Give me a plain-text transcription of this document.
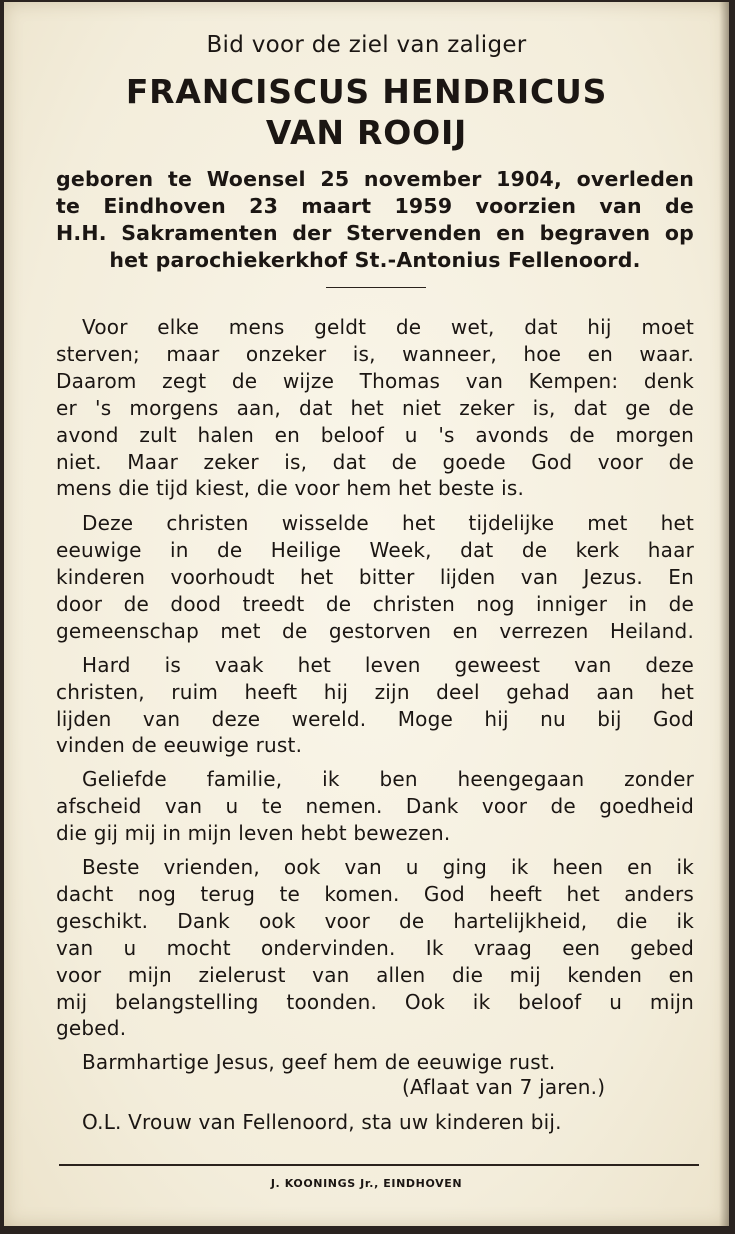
Bid voor de ziel van zaliger

FRANCISCUS HENDRICUS

VAN ROOIJ

geboren te Woensel 25 november 1904, overleden

te Eindhoven 23 maart 1959 voorzien van de

H.H. Sakramenten der Stervenden en begraven op

het parochiekerkhof St.-Antonius Fellenoord.

Voor elke mens geldt de wet, dat hij moet

sterven; maar onzeker is, wanneer, hoe en waar.

Daarom zegt de wijze Thomas van Kempen: denk

er 's morgens aan, dat het niet zeker is, dat ge de

avond zult halen en beloof u 's avonds de morgen

niet. Maar zeker is, dat de goede God voor de

mens die tijd kiest, die voor hem het beste is.

Deze christen wisselde het tijdelijke met het

eeuwige in de Heilige Week, dat de kerk haar

kinderen voorhoudt het bitter lijden van Jezus. En

door de dood treedt de christen nog inniger in de

gemeenschap met de gestorven en verrezen Heiland.

Hard is vaak het leven geweest van deze

christen, ruim heeft hij zijn deel gehad aan het

lijden van deze wereld. Moge hij nu bij God

vinden de eeuwige rust.

Geliefde familie, ik ben heengegaan zonder

afscheid van u te nemen. Dank voor de goedheid

die gij mij in mijn leven hebt bewezen.

Beste vrienden, ook van u ging ik heen en ik

dacht nog terug te komen. God heeft het anders

geschikt. Dank ook voor de hartelijkheid, die ik

van u mocht ondervinden. Ik vraag een gebed

voor mijn zielerust van allen die mij kenden en

mij belangstelling toonden. Ook ik beloof u mijn

gebed.

Barmhartige Jesus, geef hem de eeuwige rust.

(Aflaat van 7 jaren.)

O.L. Vrouw van Fellenoord, sta uw kinderen bij.

J. KOONINGS Jr., EINDHOVEN
